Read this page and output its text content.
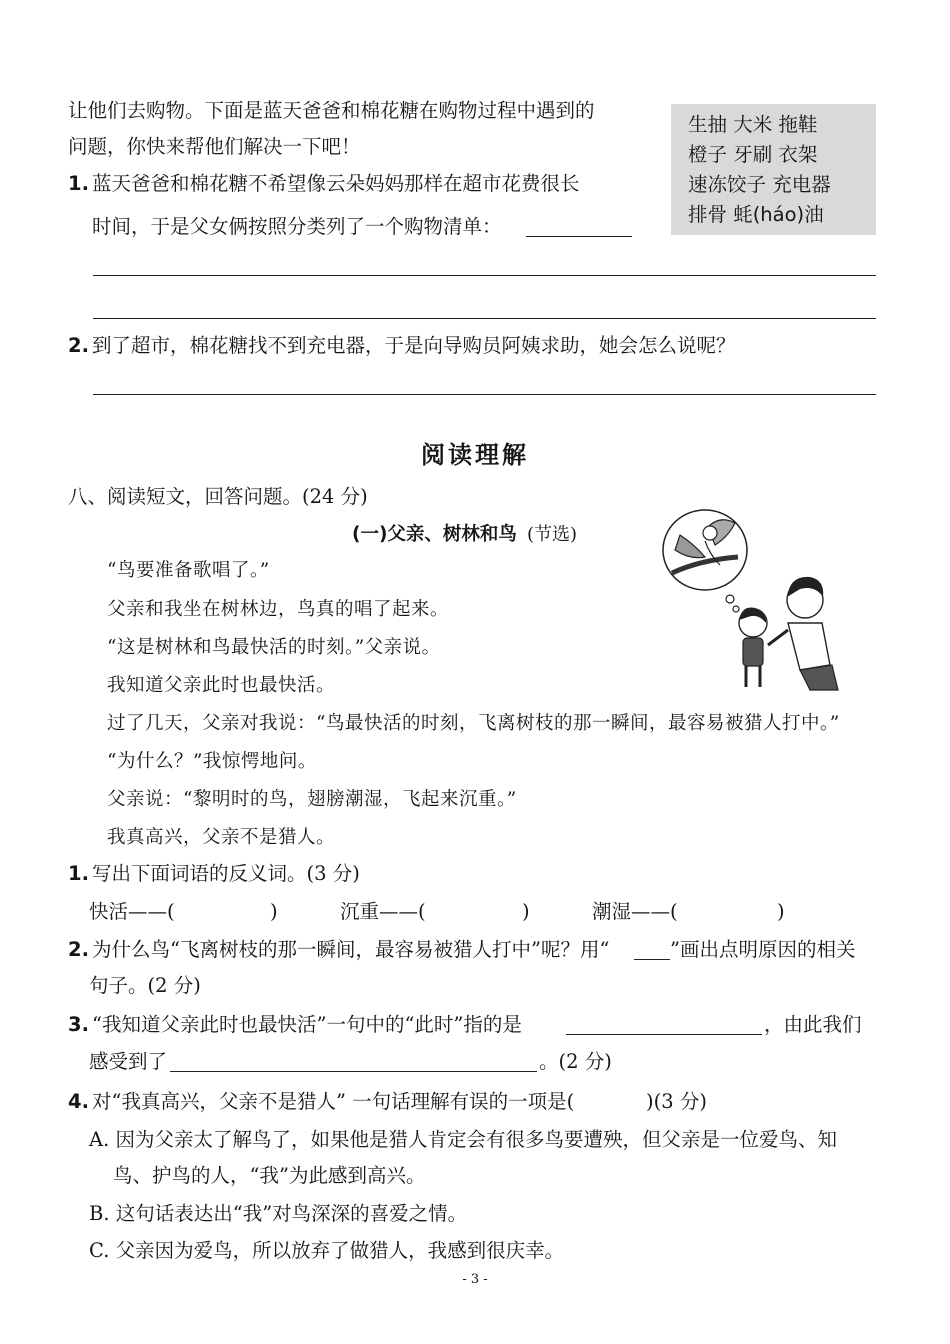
让他们去购物。下面是蓝天爸爸和棉花糖在购物过程中遇到的
问题，你快来帮他们解决一下吧！
生抽 大米 拖鞋
橙子 牙刷 衣架
速冻饺子 充电器
排骨 蚝(háo)油
1. 蓝天爸爸和棉花糖不希望像云朵妈妈那样在超市花费很长
时间，于是父女俩按照分类列了一个购物清单：
2. 到了超市，棉花糖找不到充电器，于是向导购员阿姨求助，她会怎么说呢？
阅读理解
八、阅读短文，回答问题。(24 分)
(一)父亲、树林和鸟 (节选)
“鸟要准备歌唱了。”
父亲和我坐在树林边，鸟真的唱了起来。
“这是树林和鸟最快活的时刻。”父亲说。
我知道父亲此时也最快活。
过了几天，父亲对我说：“鸟最快活的时刻，飞离树枝的那一瞬间，最容易被猎人打中。”
“为什么？”我惊愕地问。
父亲说：“黎明时的鸟，翅膀潮湿，飞起来沉重。”
我真高兴，父亲不是猎人。
1. 写出下面词语的反义词。(3 分)
快活——(	)	沉重——(	)	潮湿——(	)
2. 为什么鸟“飞离树枝的那一瞬间，最容易被猎人打中”呢？用“	”画出点明原因的相关
句子。(2 分)
3. “我知道父亲此时也最快活”一句中的“此时”指的是	，由此我们
感受到了	。(2 分)
4. 对“我真高兴，父亲不是猎人” 一句话理解有误的一项是(	)(3 分)
A. 因为父亲太了解鸟了，如果他是猎人肯定会有很多鸟要遭殃，但父亲是一位爱鸟、知
鸟、护鸟的人，“我”为此感到高兴。
B. 这句话表达出“我”对鸟深深的喜爱之情。
C. 父亲因为爱鸟，所以放弃了做猎人，我感到很庆幸。
- 3 -
